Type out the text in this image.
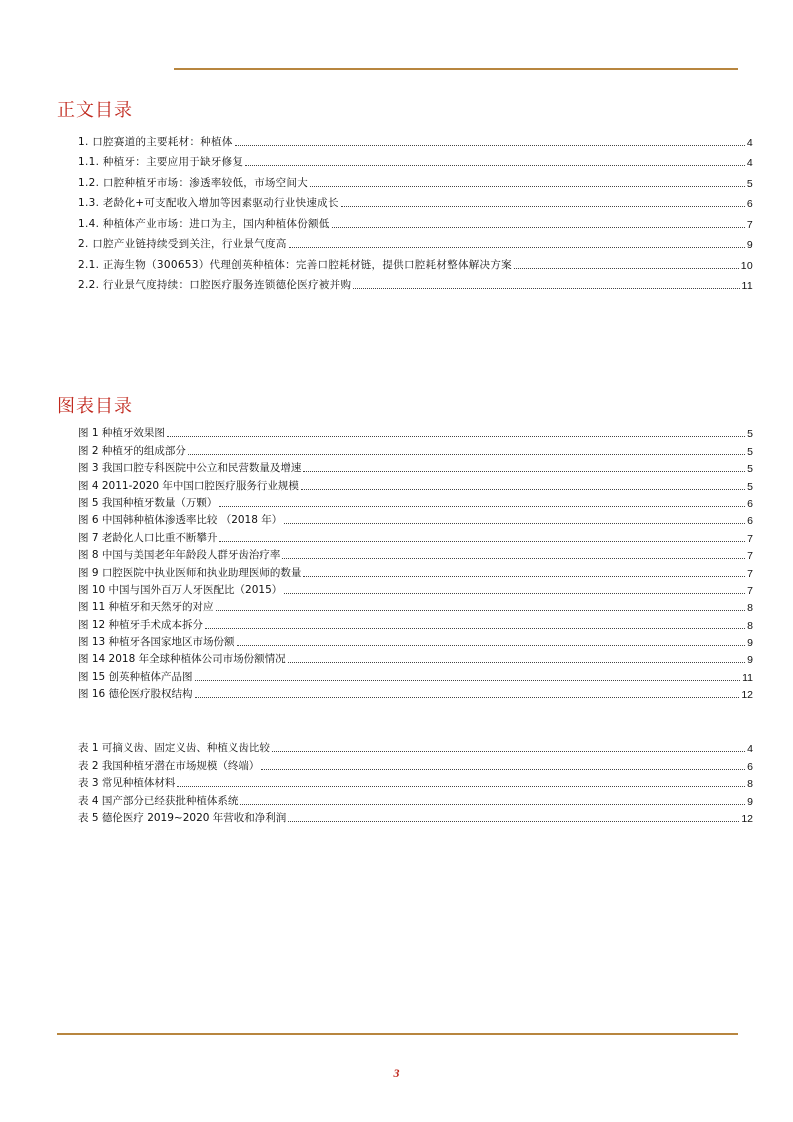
正文目录
1. 口腔赛道的主要耗材：种植体	4
1.1. 种植牙：主要应用于缺牙修复	4
1.2. 口腔种植牙市场：渗透率较低，市场空间大	5
1.3. 老龄化+可支配收入增加等因素驱动行业快速成长	6
1.4. 种植体产业市场：进口为主，国内种植体份额低	7
2. 口腔产业链持续受到关注，行业景气度高	9
2.1. 正海生物（300653）代理创英种植体：完善口腔耗材链，提供口腔耗材整体解决方案	10
2.2. 行业景气度持续：口腔医疗服务连锁德伦医疗被并购	11
图表目录
图 1 种植牙效果图	5
图 2 种植牙的组成部分	5
图 3 我国口腔专科医院中公立和民营数量及增速	5
图 4 2011-2020 年中国口腔医疗服务行业规模	5
图 5 我国种植牙数量（万颗）	6
图 6 中国韩种植体渗透率比较 （2018 年）	6
图 7 老龄化人口比重不断攀升	7
图 8 中国与美国老年年龄段人群牙齿治疗率	7
图 9 口腔医院中执业医师和执业助理医师的数量	7
图 10 中国与国外百万人牙医配比（2015）	7
图 11 种植牙和天然牙的对应	8
图 12 种植牙手术成本拆分	8
图 13 种植牙各国家地区市场份额	9
图 14 2018 年全球种植体公司市场份额情况	9
图 15 创英种植体产品图	11
图 16 德伦医疗股权结构	12
表 1 可摘义齿、固定义齿、种植义齿比较	4
表 2 我国种植牙潜在市场规模（终端）	6
表 3 常见种植体材料	8
表 4 国产部分已经获批种植体系统	9
表 5 德伦医疗 2019~2020 年营收和净利润	12
3
